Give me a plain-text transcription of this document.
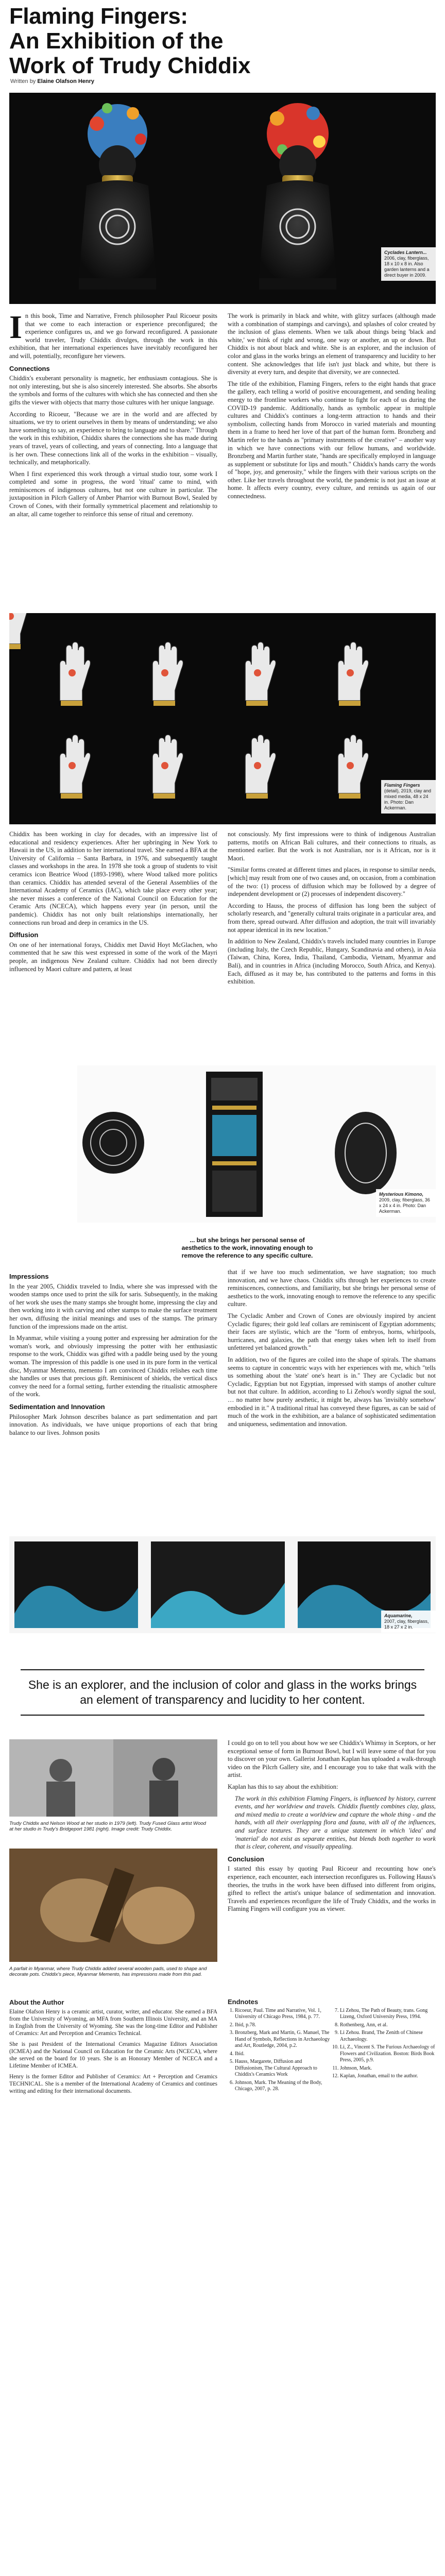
Flaming Fingers:
An Exhibition of the
Work of Trudy Chiddix
Written by Elaine Olafson Henry
Cyclades Lantern...
2006, clay, fiberglass, 18 x 10 x 8 in. Also garden lanterns and a direct buyer in 2009.

In this book, Time and Narrative, French philosopher Paul Ricoeur posits that we come to each interaction or experience preconfigured; the experience configures us, and we go forward reconfigured. A passionate world traveler, Trudy Chiddix divulges, through the work in this exhibition, that her international experiences have inevitably reconfigured her and will, potentially, reconfigure her viewers.

Connections

Chiddix's exuberant personality is magnetic, her enthusiasm contagious. She is not only interesting, but she is also sincerely interested. She absorbs. She absorbs the symbols and forms of the cultures with which she has connected and then she gifts the viewer with objects that marry those cultures with her unique language.

According to Ricoeur, "Because we are in the world and are affected by situations, we try to orient ourselves in them by means of understanding; we also have something to say, an experience to bring to language and to share." Through the work in this exhibition, Chiddix shares the connections she has made during years of travel, years of collecting, and years of connecting. Into a language that is her own. These connections link all of the works in the exhibition – visually, technically, and metaphorically.

When I first experienced this work through a virtual studio tour, some work I completed and some in progress, the word 'ritual' came to mind, with reminiscences of indigenous cultures, but not one culture in particular. The juxtaposition in Pilcrh Gallery of Amber Pharrior with Burnout Bowl, Sealed by Crown of Cones, with their formally symmetrical placement and relationship to an altar, all came together to reinforce this sense of ritual and ceremony.

The work is primarily in black and white, with glitzy surfaces (although made with a combination of stampings and carvings), and splashes of color created by the inclusion of glass elements. When we talk about things being 'black and white,' we think of right and wrong, one way or another, an up or down. But Chiddix is not about black and white. She is an explorer, and the inclusion of color and glass in the works brings an element of transparency and lucidity to her content. She acknowledges that life isn't just black and white, but there is diversity at every turn, and despite that diversity, we are connected.

The title of the exhibition, Flaming Fingers, refers to the eight hands that grace the gallery, each telling a world of positive encouragement, and sending healing energy to the frontline workers who continue to fight for each of us during the COVID-19 pandemic. Additionally, hands as symbolic appear in multiple cultures and Chiddix's continues a long-term attraction to hands and their symbolism, collecting hands from Morocco in varied materials and mounting them in a frame to heed her love of that part of the human form. Bronzberg and Martin refer to the hands as "primary instruments of the creative" – another way in which we have connections with our fellow humans, and worldwide. Bronzberg and Martin further state, "hands are specifically employed in language as supplement or substitute for lips and mouth." Chiddix's hands carry the words of "hope, joy, and generosity," while the fingers with their various scripts on the other. Like her travels throughout the world, the pandemic is not just an issue at home. It affects every country, every culture, and reminds us again of our connectedness.

Flaming Fingers
(detail), 2019, clay and mixed media, 48 x 24 in. Photo: Dan Ackerman.

Chiddix has been working in clay for decades, with an impressive list of educational and residency experiences. After her upbringing in New York to Hawaii in the US, in addition to her international travel. She earned a BFA at the University of California – Santa Barbara, in 1976, and subsequently taught classes and workshops in the area. In 1978 she took a group of students to visit ceramics icon Beatrice Wood (1893-1998), where Wood talked more politics than ceramics. Chiddix has attended several of the General Assemblies of the International Academy of Ceramics (IAC), which take place every other year; she never misses a conference of the National Council on Education for the Ceramic Arts (NCECA), which happens every year (in person, until the pandemic). Chiddix has not only built relationships internationally, her connections run broad and deep in ceramics in the US.

Diffusion

On one of her international forays, Chiddix met David Hoyt McGlachen, who commented that he saw this west expressed in some of the work of the Mayri people, an indigenous New Zealand culture. Chiddix had not been directly influenced by Maori culture and pattern, at least

not consciously. My first impressions were to think of indigenous Australian patterns, motifs on African Bali cultures, and their connections to rituals, as mentioned earlier. But the work is not Australian, nor is it African, nor is it Maori.

"Similar forms created at different times and places, in response to similar needs, [which] may result from one of two causes and, on occasion, from a combination of the two: (1) process of diffusion which may be followed by a degree of independent development or (2) processes of independent discovery."

According to Hauss, the process of diffusion has long been the subject of scholarly research, and "generally cultural traits originate in a particular area, and from there, spread outward. After diffusion and adoption, the trait will invariably not appear identical in its new location."

In addition to New Zealand, Chiddix's travels included many countries in Europe (including Italy, the Czech Republic, Hungary, Scandinavia and others), in Asia (Taiwan, China, Korea, India, Thailand, Cambodia, Vietnam, Myanmar and Bali), and in countries in Africa (including Morocco, South Africa, and Kenya). Each, diffused as it may be, has contributed to the patterns and forms in this exhibition.

Mysterious Kimono,
2009, clay, fiberglass, 36 x 24 x 4 in. Photo: Dan Ackerman.
... but she brings her personal sense of
aesthetics to the work, innovating enough to
remove the reference to any specific culture.
Impressions

In the year 2005, Chiddix traveled to India, where she was impressed with the wooden stamps once used to print the silk for saris. Subsequently, in the making of her work she uses the many stamps she brought home, impressing the clay and then working into it with carving and other stamps to make the surface treatment her own, diffusing the initial meanings and uses of the stamps. The primary function of the impressions made on the artist.

In Myanmar, while visiting a young potter and expressing her admiration for the woman's work, and obviously impressing the potter with her enthusiastic response to the work, Chiddix was gifted with a paddle being used by the young woman. The impression of this paddle is one used in its pure form in the vertical disc, Myanmar Memento, memento I am convinced Chiddix relishes each time she handles or uses that precious gift. Reminiscent of shields, the vertical discs convey the need for a formal setting, further extending the ritualistic atmosphere of the work.

Sedimentation and Innovation

Philosopher Mark Johnson describes balance as part sedimentation and part innovation. As individuals, we have unique proportions of each that bring balance to our lives. Johnson posits

that if we have too much sedimentation, we have stagnation; too much innovation, and we have chaos. Chiddix sifts through her experiences to create reminiscences, connections, and familiarity, but she brings her personal sense of aesthetics to the work, innovating enough to remove the reference to any specific culture.

The Cycladic Amber and Crown of Cones are obviously inspired by ancient Cycladic figures; their gold leaf collars are reminiscent of Egyptian adornments; their faces are stylistic, which are the "form of embryos, horns, whirlpools, hurricanes, and galaxies, the path that energy takes when left to itself from unfettered yet balanced growth."

In addition, two of the figures are coiled into the shape of spirals. The shamans seems to capture in concentric ways with her experiences with me, which "tells us something about the 'state' one's heart is in." They are Cycladic but not Cycladic, Egyptian but not Egyptian, impressed with stamps of another culture but not that culture. In addition, according to Li Zehou's wordly signal the soul, … no matter how purely aesthetic, it might be, always has 'invisibly somehow' embodied in it." A traditional ritual has conveyed these figures, as can be said of much of the work in the exhibition, are a balance of sophisticated sedimentation and uniqueness, sedimentation and innovation.

Aquamarine,
2007, clay, fiberglass, 18 x 27 x 2 in.
She is an explorer, and the inclusion of color and glass in the works brings an element of transparency and lucidity to her content.
Trudy Chiddix and Nelson Wood at her studio in 1979 (left). Trudy Fused Glass artist Wood at her studio in Trudy's Bridgeport 1981 (right). Image credit: Trudy Chiddix.
A parfait in Myanmar, where Trudy Chiddix added several wooden pads, used to shape and decorate pots. Chiddix's piece, Myanmar Memento, has impressions made from this pad.

I could go on to tell you about how we see Chiddix's Whimsy in Sceptors, or her exceptional sense of form in Burnout Bowl, but I will leave some of that for you to discover on your own. Gallerist Jonathan Kaplan has uploaded a walk-through video on the Pilcrh Gallery site, and I encourage you to take that walk with the artist.

Kaplan has this to say about the exhibition:

The work in this exhibition Flaming Fingers, is influenced by history, current events, and her worldview and travels. Chiddix fluently combines clay, glass, and mixed media to create a worldview and capture the whole thing - and the hands, with all their overlapping flora and fauna, with all of the influences, and surface textures. They are a unique statement in which 'idea' and 'material' do not exist as separate entities, but blends both together to work that is clear, coherent, and visually appealing.

Conclusion

I started this essay by quoting Paul Ricoeur and recounting how one's experience, each encounter, each intersection reconfigures us. Following Hauss's theories, the truths in the work have been diffused into different from origins, gifted to reflect the artist's unique balance of sedimentation and innovation. Travels and experiences reconfigure the life of Trudy Chiddix, and the works in Flaming Fingers will configure you as viewer.

About the Author

Elaine Olafson Henry is a ceramic artist, curator, writer, and educator. She earned a BFA from the University of Wyoming, an MFA from Southern Illinois University, and an MA in English from the University of Wyoming. She was the long-time Editor and Publisher of Ceramics: Art and Perception and Ceramics Technical.

She is past President of the International Ceramics Magazine Editors Association (ICMEA) and the National Council on Education for the Ceramic Arts (NCECA), where she served on the board for 10 years. She is an Honorary Member of NCECA and a Lifetime Member of ICMEA.

Henry is the former Editor and Publisher of Ceramics: Art + Perception and Ceramics TECHNICAL. She is a member of the International Academy of Ceramics and continues writing and editing for their international documents.

Endnotes
1. Ricoeur, Paul. Time and Narrative, Vol. 1, University of Chicago Press, 1984, p. 77.
2. Ibid, p.78.
3. Bronzberg, Mark and Martin, G. Manuel, The Hand of Symbols, Reflections in Archaeology and Art, Routledge, 2004, p.2.
4. Ibid.
5. Hauss, Margarete, Diffusion and Diffusionism, The Cultural Approach to Chiddix's Ceramics Work
6. Johnson, Mark. The Meaning of the Body, Chicago, 2007, p. 28.
7. Li Zehou, The Path of Beauty, trans. Gong Lizeng, Oxford University Press, 1994.
8. Rothenberg, Ann, et al.
9. Li Zehou. Brand, The Zenith of Chinese Archaeology.
10. Li, Z., Vincent S. The Furious Archaeology of Flowers and Civilization. Boston: Birds Book Press, 2005, p.9.
11. Johnson, Mark.
12. Kaplan, Jonathan, email to the author.
